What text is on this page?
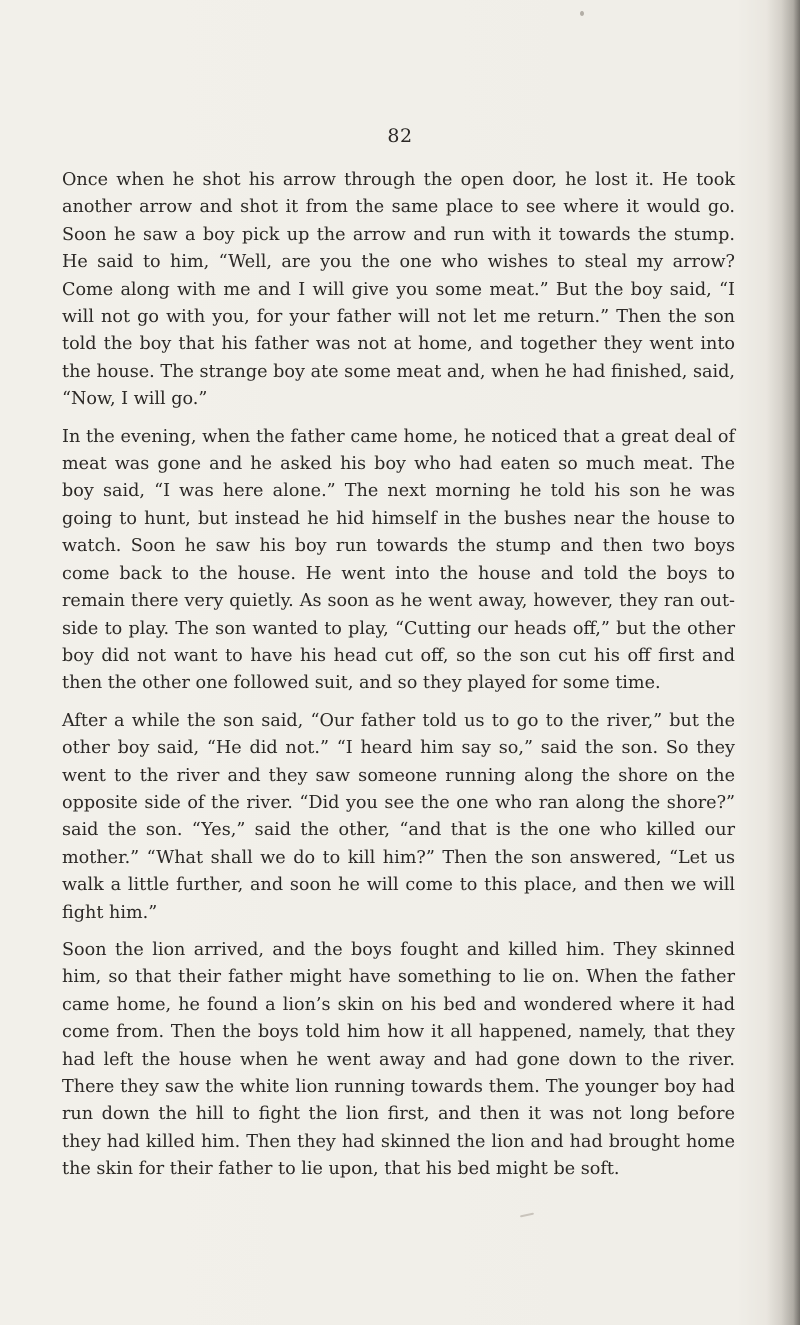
82

Once when he shot his arrow through the open door, he lost it. He took another arrow and shot it from the same place to see where it would go. Soon he saw a boy pick up the arrow and run with it towards the stump. He said to him, “Well, are you the one who wishes to steal my arrow? Come along with me and I will give you some meat.” But the boy said, “I will not go with you, for your father will not let me return.” Then the son told the boy that his father was not at home, and together they went into the house. The strange boy ate some meat and, when he had finished, said, “Now, I will go.”

In the evening, when the father came home, he noticed that a great deal of meat was gone and he asked his boy who had eaten so much meat. The boy said, “I was here alone.” The next morning he told his son he was going to hunt, but instead he hid himself in the bushes near the house to watch. Soon he saw his boy run towards the stump and then two boys come back to the house. He went into the house and told the boys to remain there very quietly. As soon as he went away, however, they ran outside to play. The son wanted to play, “Cutting our heads off,” but the other boy did not want to have his head cut off, so the son cut his off first and then the other one followed suit, and so they played for some time.

After a while the son said, “Our father told us to go to the river,” but the other boy said, “He did not.” “I heard him say so,” said the son. So they went to the river and they saw someone running along the shore on the opposite side of the river. “Did you see the one who ran along the shore?” said the son. “Yes,” said the other, “and that is the one who killed our mother.” “What shall we do to kill him?” Then the son answered, “Let us walk a little further, and soon he will come to this place, and then we will fight him.”

Soon the lion arrived, and the boys fought and killed him. They skinned him, so that their father might have something to lie on. When the father came home, he found a lion’s skin on his bed and wondered where it had come from. Then the boys told him how it all happened, namely, that they had left the house when he went away and had gone down to the river. There they saw the white lion running towards them. The younger boy had run down the hill to fight the lion first, and then it was not long before they had killed him. Then they had skinned the lion and had brought home the skin for their father to lie upon, that his bed might be soft.
